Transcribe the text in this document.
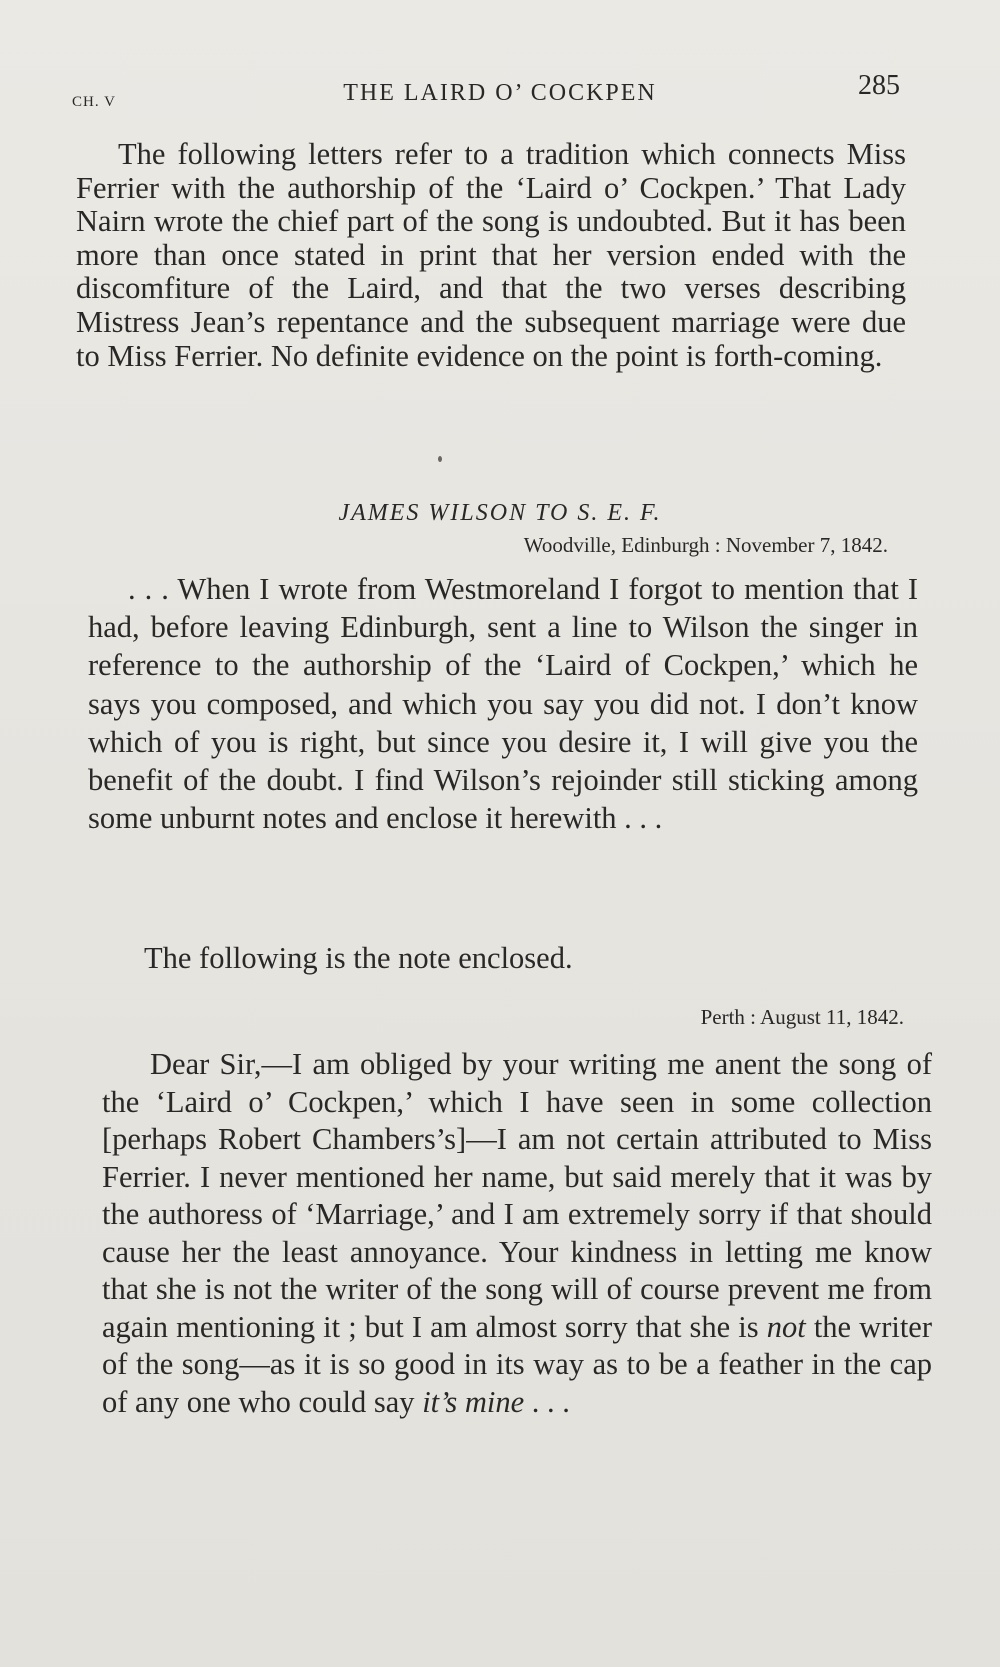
CH. V	THE LAIRD O’ COCKPEN	285

The following letters refer to a tradition which connects Miss Ferrier with the authorship of the ‘Laird o’ Cockpen.’ That Lady Nairn wrote the chief part of the song is undoubted. But it has been more than once stated in print that her version ended with the discomfiture of the Laird, and that the two verses describing Mistress Jean’s repentance and the subsequent marriage were due to Miss Ferrier. No definite evidence on the point is forth-coming.

JAMES WILSON TO S. E. F.
Woodville, Edinburgh : November 7, 1842.

. . . When I wrote from Westmoreland I forgot to mention that I had, before leaving Edinburgh, sent a line to Wilson the singer in reference to the authorship of the ‘Laird of Cockpen,’ which he says you composed, and which you say you did not. I don’t know which of you is right, but since you desire it, I will give you the benefit of the doubt. I find Wilson’s rejoinder still sticking among some unburnt notes and enclose it herewith . . .

The following is the note enclosed.

Perth : August 11, 1842.

Dear Sir,—I am obliged by your writing me anent the song of the ‘Laird o’ Cockpen,’ which I have seen in some collection [perhaps Robert Chambers’s]—I am not certain attributed to Miss Ferrier. I never mentioned her name, but said merely that it was by the authoress of ‘Marriage,’ and I am extremely sorry if that should cause her the least annoyance. Your kindness in letting me know that she is not the writer of the song will of course prevent me from again mentioning it ; but I am almost sorry that she is not the writer of the song—as it is so good in its way as to be a feather in the cap of any one who could say it’s mine . . .
